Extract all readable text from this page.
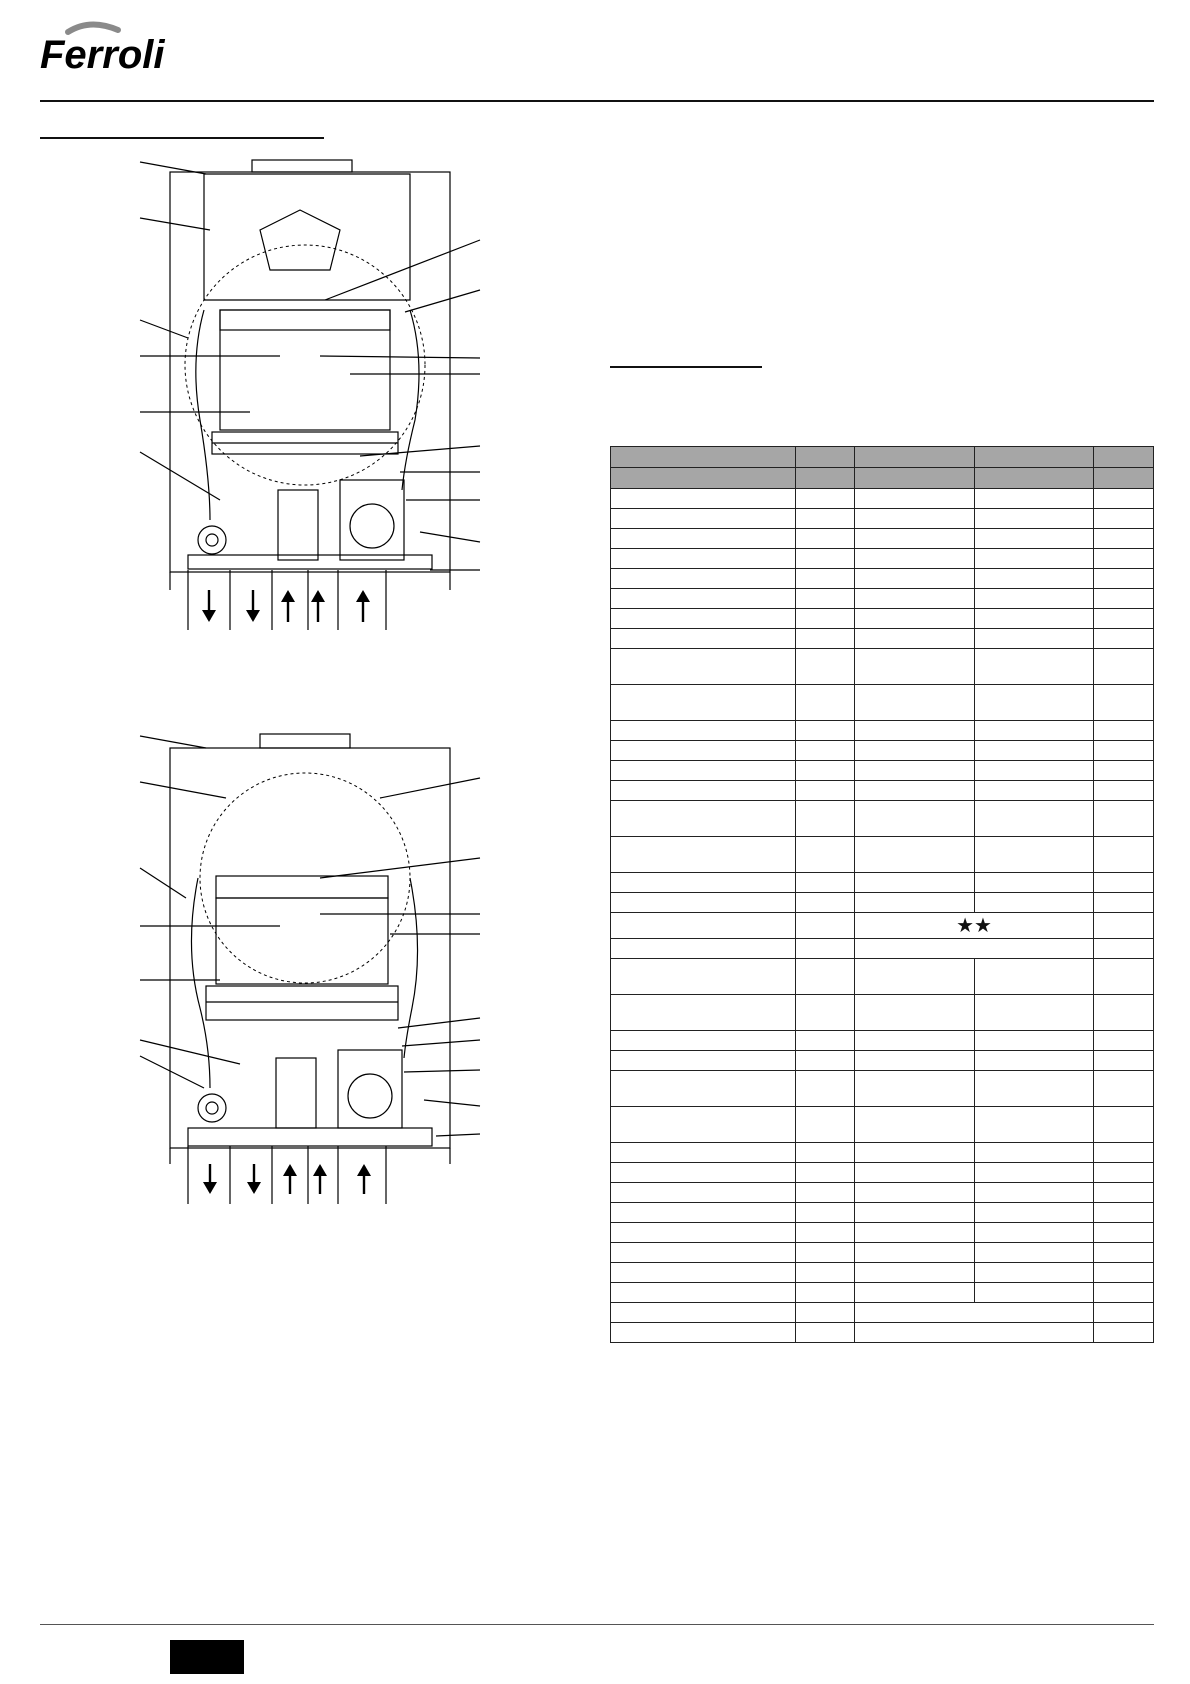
Ferroli

		★★		
